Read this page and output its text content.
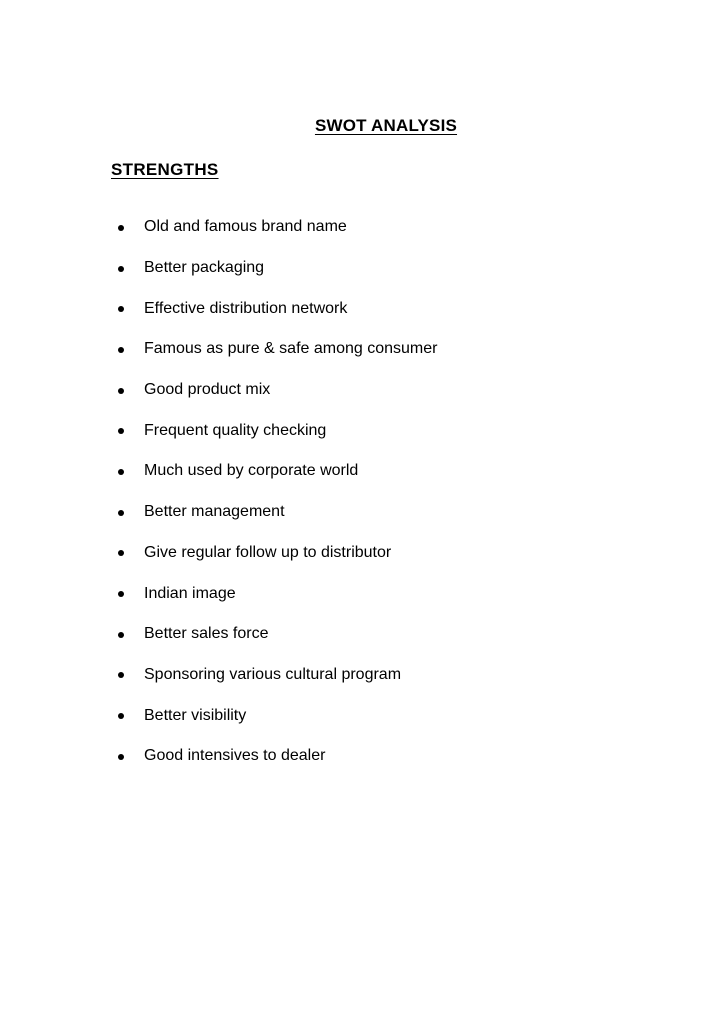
SWOT ANALYSIS
STRENGTHS
Old and famous brand name
Better packaging
Effective distribution network
Famous as pure & safe among consumer
Good product mix
Frequent quality checking
Much used by corporate world
Better management
Give regular follow up to distributor
Indian image
Better sales force
Sponsoring various cultural program
Better visibility
Good intensives to dealer
